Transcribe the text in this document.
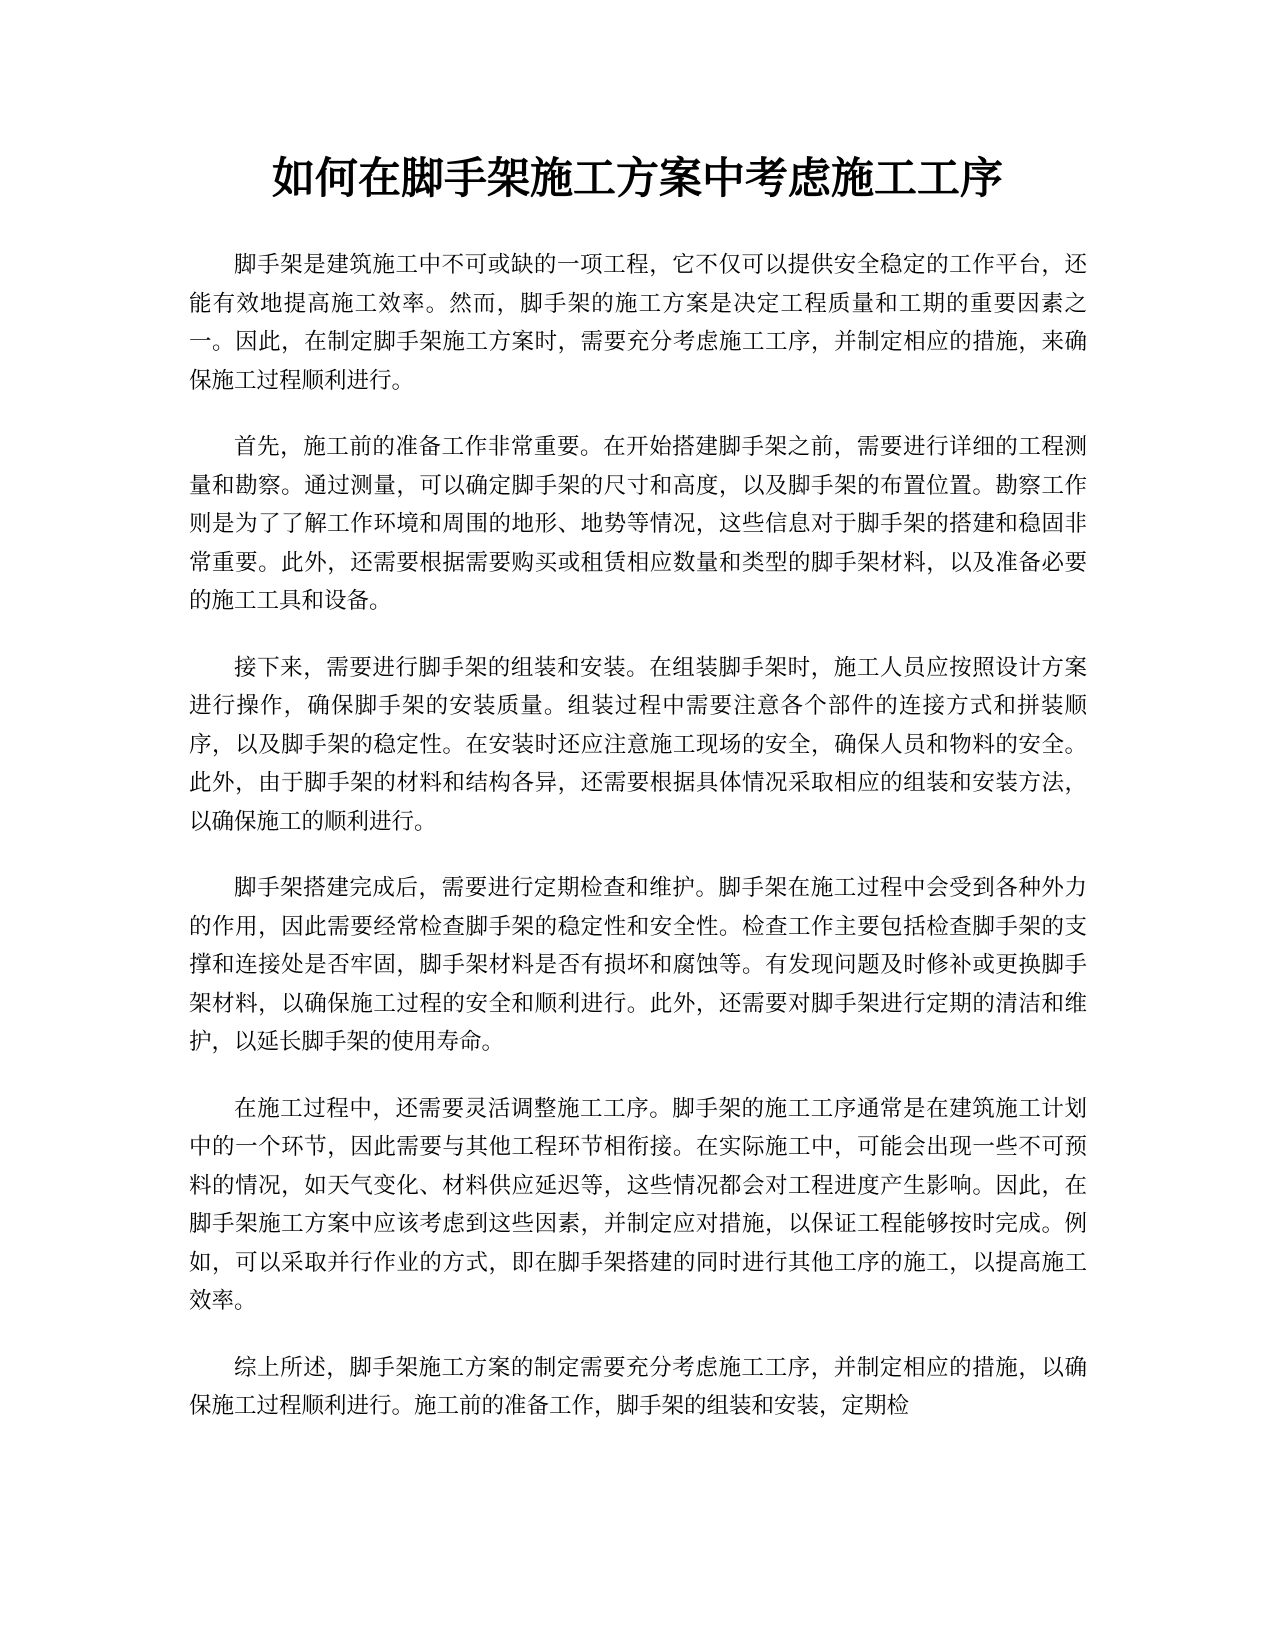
如何在脚手架施工方案中考虑施工工序

脚手架是建筑施工中不可或缺的一项工程，它不仅可以提供安全稳定的工作平台，还能有效地提高施工效率。然而，脚手架的施工方案是决定工程质量和工期的重要因素之一。因此，在制定脚手架施工方案时，需要充分考虑施工工序，并制定相应的措施，来确保施工过程顺利进行。

首先，施工前的准备工作非常重要。在开始搭建脚手架之前，需要进行详细的工程测量和勘察。通过测量，可以确定脚手架的尺寸和高度，以及脚手架的布置位置。勘察工作则是为了了解工作环境和周围的地形、地势等情况，这些信息对于脚手架的搭建和稳固非常重要。此外，还需要根据需要购买或租赁相应数量和类型的脚手架材料，以及准备必要的施工工具和设备。

接下来，需要进行脚手架的组装和安装。在组装脚手架时，施工人员应按照设计方案进行操作，确保脚手架的安装质量。组装过程中需要注意各个部件的连接方式和拼装顺序，以及脚手架的稳定性。在安装时还应注意施工现场的安全，确保人员和物料的安全。此外，由于脚手架的材料和结构各异，还需要根据具体情况采取相应的组装和安装方法，以确保施工的顺利进行。

脚手架搭建完成后，需要进行定期检查和维护。脚手架在施工过程中会受到各种外力的作用，因此需要经常检查脚手架的稳定性和安全性。检查工作主要包括检查脚手架的支撑和连接处是否牢固，脚手架材料是否有损坏和腐蚀等。有发现问题及时修补或更换脚手架材料，以确保施工过程的安全和顺利进行。此外，还需要对脚手架进行定期的清洁和维护，以延长脚手架的使用寿命。

在施工过程中，还需要灵活调整施工工序。脚手架的施工工序通常是在建筑施工计划中的一个环节，因此需要与其他工程环节相衔接。在实际施工中，可能会出现一些不可预料的情况，如天气变化、材料供应延迟等，这些情况都会对工程进度产生影响。因此，在脚手架施工方案中应该考虑到这些因素，并制定应对措施，以保证工程能够按时完成。例如，可以采取并行作业的方式，即在脚手架搭建的同时进行其他工序的施工，以提高施工效率。

综上所述，脚手架施工方案的制定需要充分考虑施工工序，并制定相应的措施，以确保施工过程顺利进行。施工前的准备工作，脚手架的组装和安装，定期检
